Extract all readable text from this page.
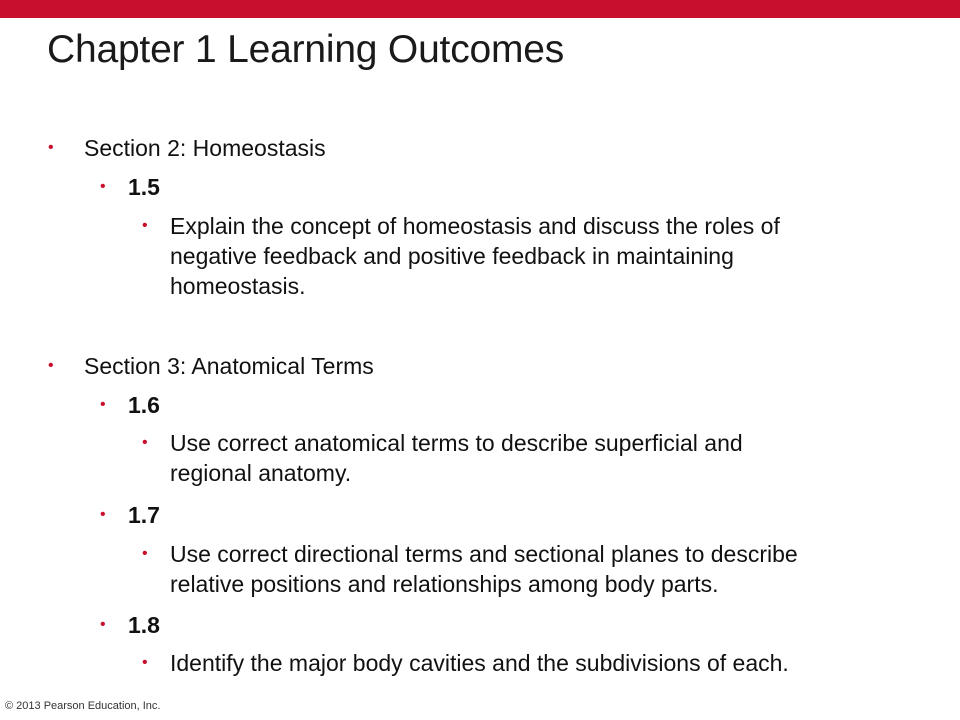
Chapter 1 Learning Outcomes
• Section 2: Homeostasis
• 1.5
• Explain the concept of homeostasis and discuss the roles of
negative feedback and positive feedback in maintaining
homeostasis.
• Section 3: Anatomical Terms
• 1.6
• Use correct anatomical terms to describe superficial and
regional anatomy.
• 1.7
• Use correct directional terms and sectional planes to describe
relative positions and relationships among body parts.
• 1.8
• Identify the major body cavities and the subdivisions of each.
© 2013 Pearson Education, Inc.
